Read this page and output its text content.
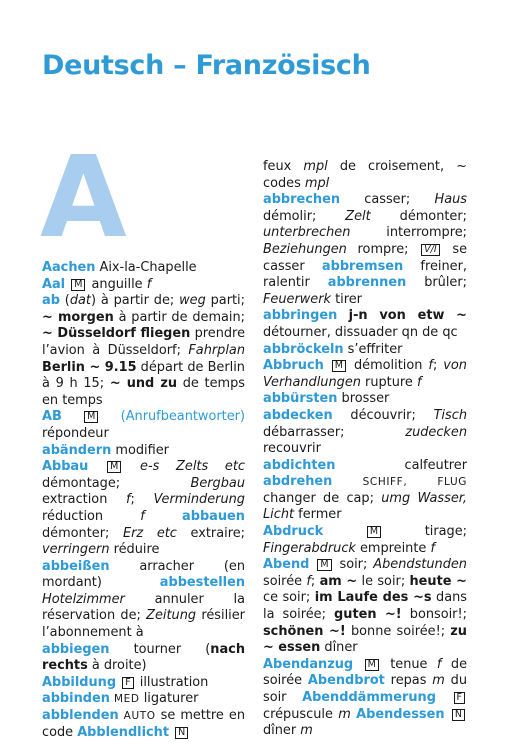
Deutsch – Französisch
A

Aachen Aix-la-Chapelle

Aal M anguille f

ab (dat) à partir de; weg parti; ~ morgen à partir de demain; ~ Düsseldorf fliegen prendre l’avion à Düsseldorf; Fahrplan Berlin ~ 9.15 départ de Berlin à 9 h 15; ~ und zu de temps en temps

AB	M (Anrufbeantworter) répondeur

abändern modifier

Abbau M e-s Zelts etc démontage; Bergbau extraction f; Verminderung réduction f	abbauen démonter; Erz etc extraire; verringern réduire

abbeißen arracher (en mordant) abbestellen Hotelzimmer annuler la réservation de; Zeitung résilier l’abonnement à

abbiegen tourner (nach rechts à droite)

Abbildung F illustration

abbinden MED ligaturer

abblenden AUTO se mettre en code Abblendlicht N

feux mpl de croisement, ~ codes mpl

abbrechen casser; Haus démolir; Zelt démonter; unterbrechen interrompre; Beziehungen rompre; V/I se casser abbremsen freiner, ralentir abbrennen brûler; Feuerwerk tirer

abbringen j-n von etw ~ détourner, dissuader qn de qc

abbröckeln s’effriter

Abbruch M démolition f; von Verhandlungen rupture f

abbürsten brosser

abdecken découvrir; Tisch débarrasser; zudecken recouvrir

abdichten calfeutrer abdrehen	SCHIFF, FLUG changer de cap; umg Wasser, Licht fermer

Abdruck	M tirage; Fingerabdruck empreinte f

Abend M soir; Abendstunden soirée f; am ~ le soir; heute ~ ce soir; im Laufe des ~s dans la soirée; guten ~! bonsoir!; schönen ~! bonne soirée!; zu ~ essen dîner

Abendanzug M tenue f de soirée Abendbrot repas m du soir Abenddämmerung F crépuscule m Abendessen N dîner m
